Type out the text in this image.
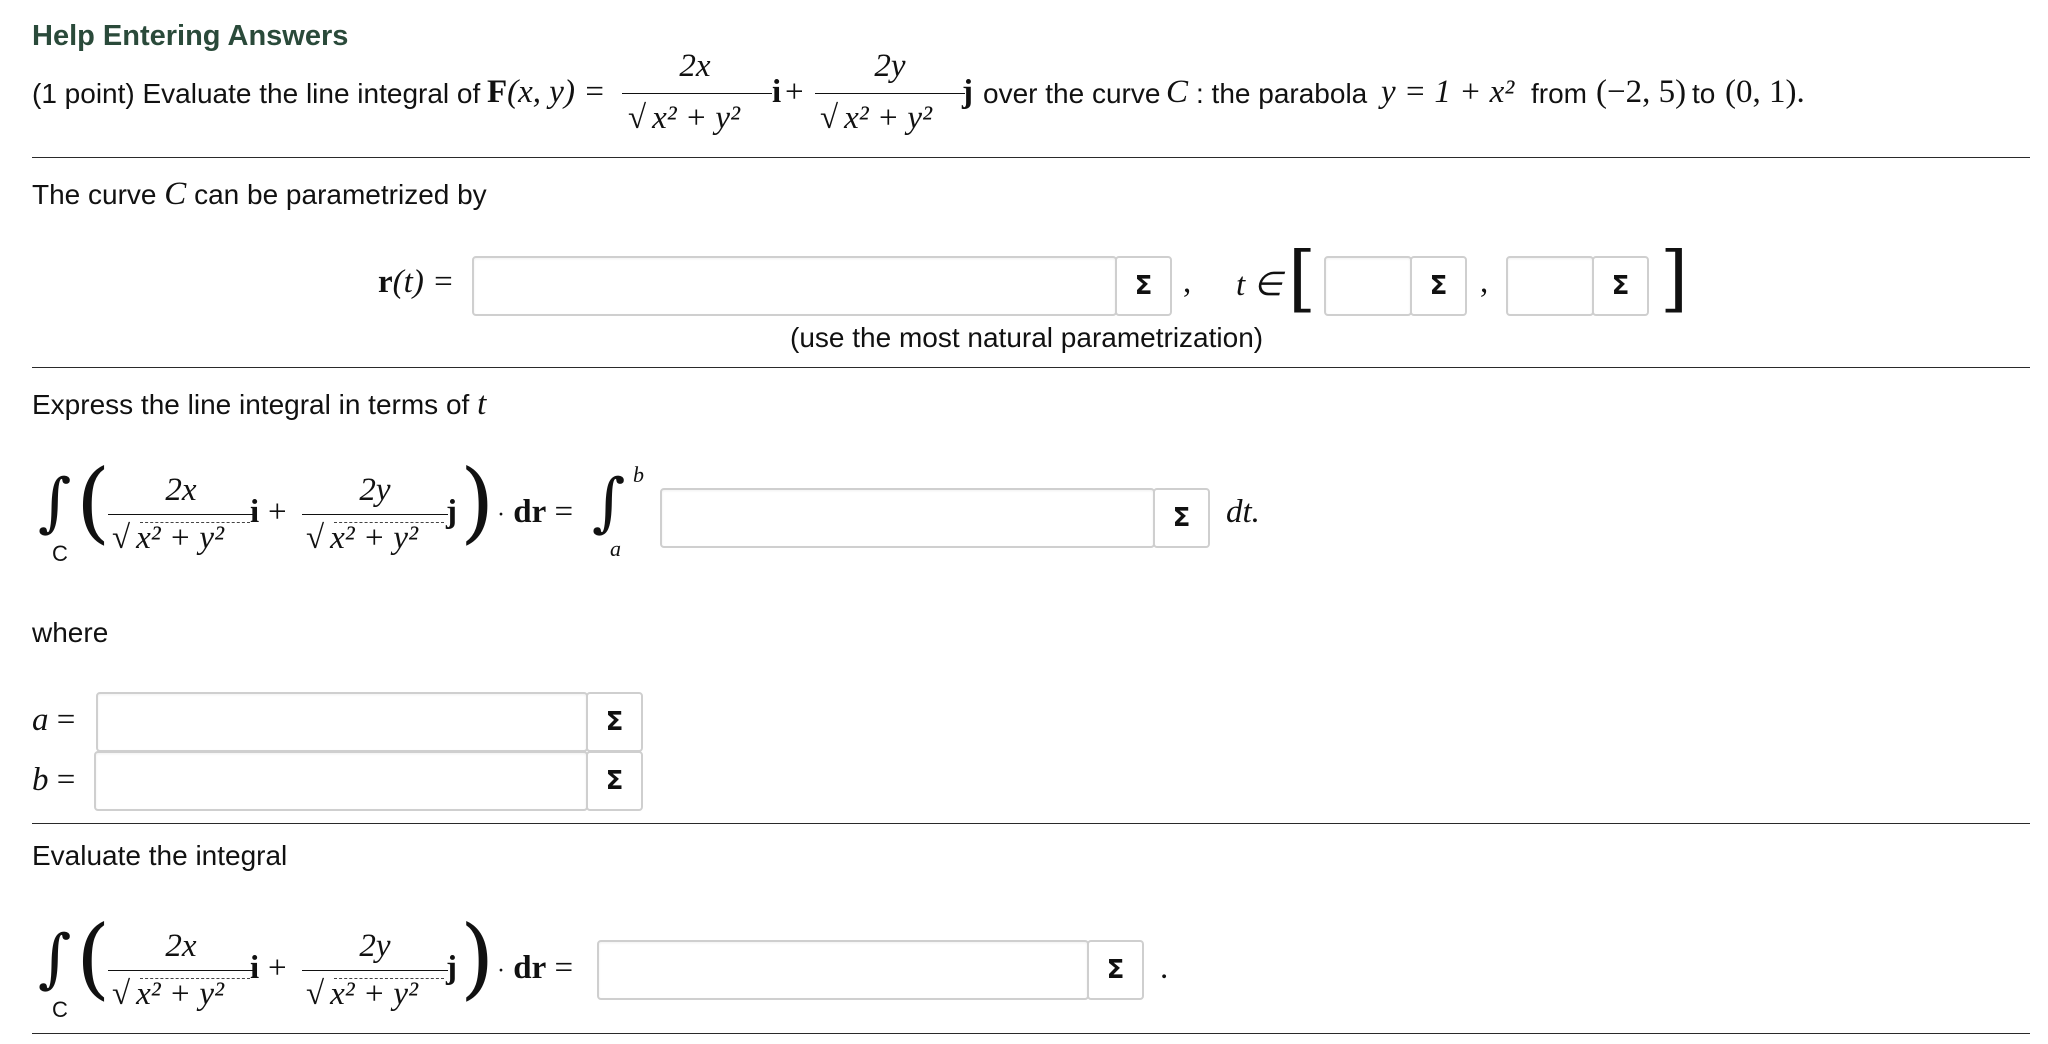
Help Entering Answers
(1 point) Evaluate the line integral of F(x, y) =
2x
√ x² + y²
i +
2y
√ x² + y²
j over the curve C : the parabola y = 1 + x² from (−2, 5) to (0, 1).
The curve C can be parametrized by
r(t) =	Σ , t ∈ [	Σ ,	Σ ]
(use the most natural parametrization)
Express the line integral in terms of t
∫
C
(	2x
√ x² + y²
i +
2y
√ x² + y²
j ) · dr = ∫ b
a
Σ	dt.
where
a =	Σ
b =	Σ
Evaluate the integral
∫
C
(	2x
√ x² + y²
i +
2y
√ x² + y²
j ) · dr =	Σ	.
